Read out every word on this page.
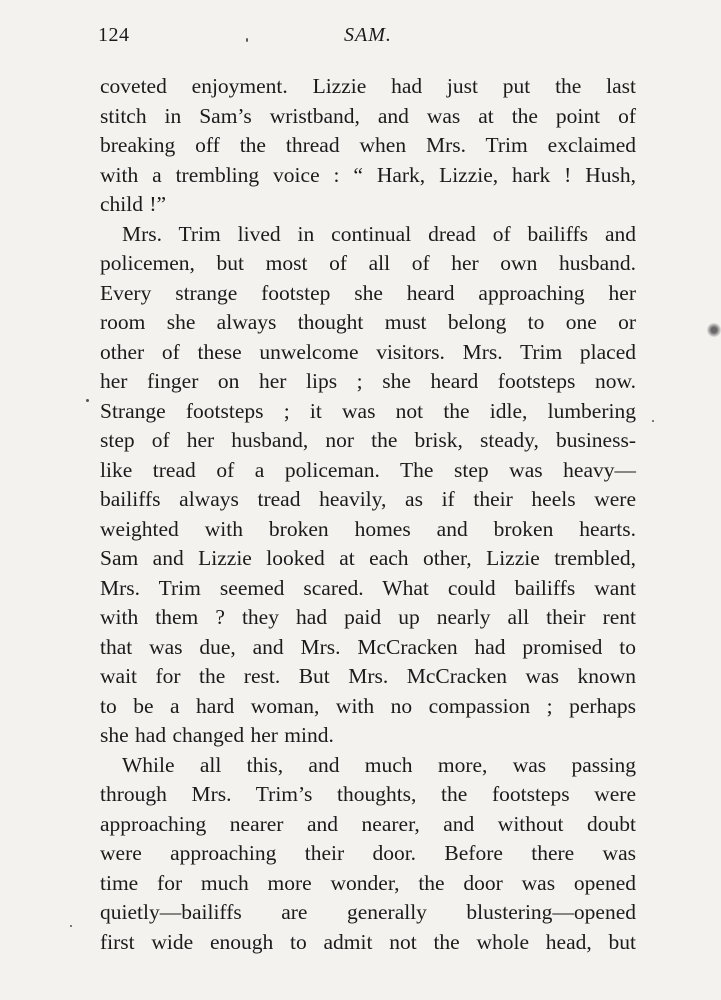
124	SAM.
coveted enjoyment. Lizzie had just put the last
stitch in Sam’s wristband, and was at the point of
breaking off the thread when Mrs. Trim exclaimed
with a trembling voice : “ Hark, Lizzie, hark ! Hush,
child !”
Mrs. Trim lived in continual dread of bailiffs and
policemen, but most of all of her own husband.
Every strange footstep she heard approaching her
room she always thought must belong to one or
other of these unwelcome visitors. Mrs. Trim placed
her finger on her lips ; she heard footsteps now.
Strange footsteps ; it was not the idle, lumbering
step of her husband, nor the brisk, steady, business-
like tread of a policeman. The step was heavy—
bailiffs always tread heavily, as if their heels were
weighted with broken homes and broken hearts.
Sam and Lizzie looked at each other, Lizzie trembled,
Mrs. Trim seemed scared. What could bailiffs want
with them ? they had paid up nearly all their rent
that was due, and Mrs. McCracken had promised to
wait for the rest. But Mrs. McCracken was known
to be a hard woman, with no compassion ; perhaps
she had changed her mind.
While all this, and much more, was passing
through Mrs. Trim’s thoughts, the footsteps were
approaching nearer and nearer, and without doubt
were approaching their door. Before there was
time for much more wonder, the door was opened
quietly—bailiffs are generally blustering—opened
first wide enough to admit not the whole head, but
